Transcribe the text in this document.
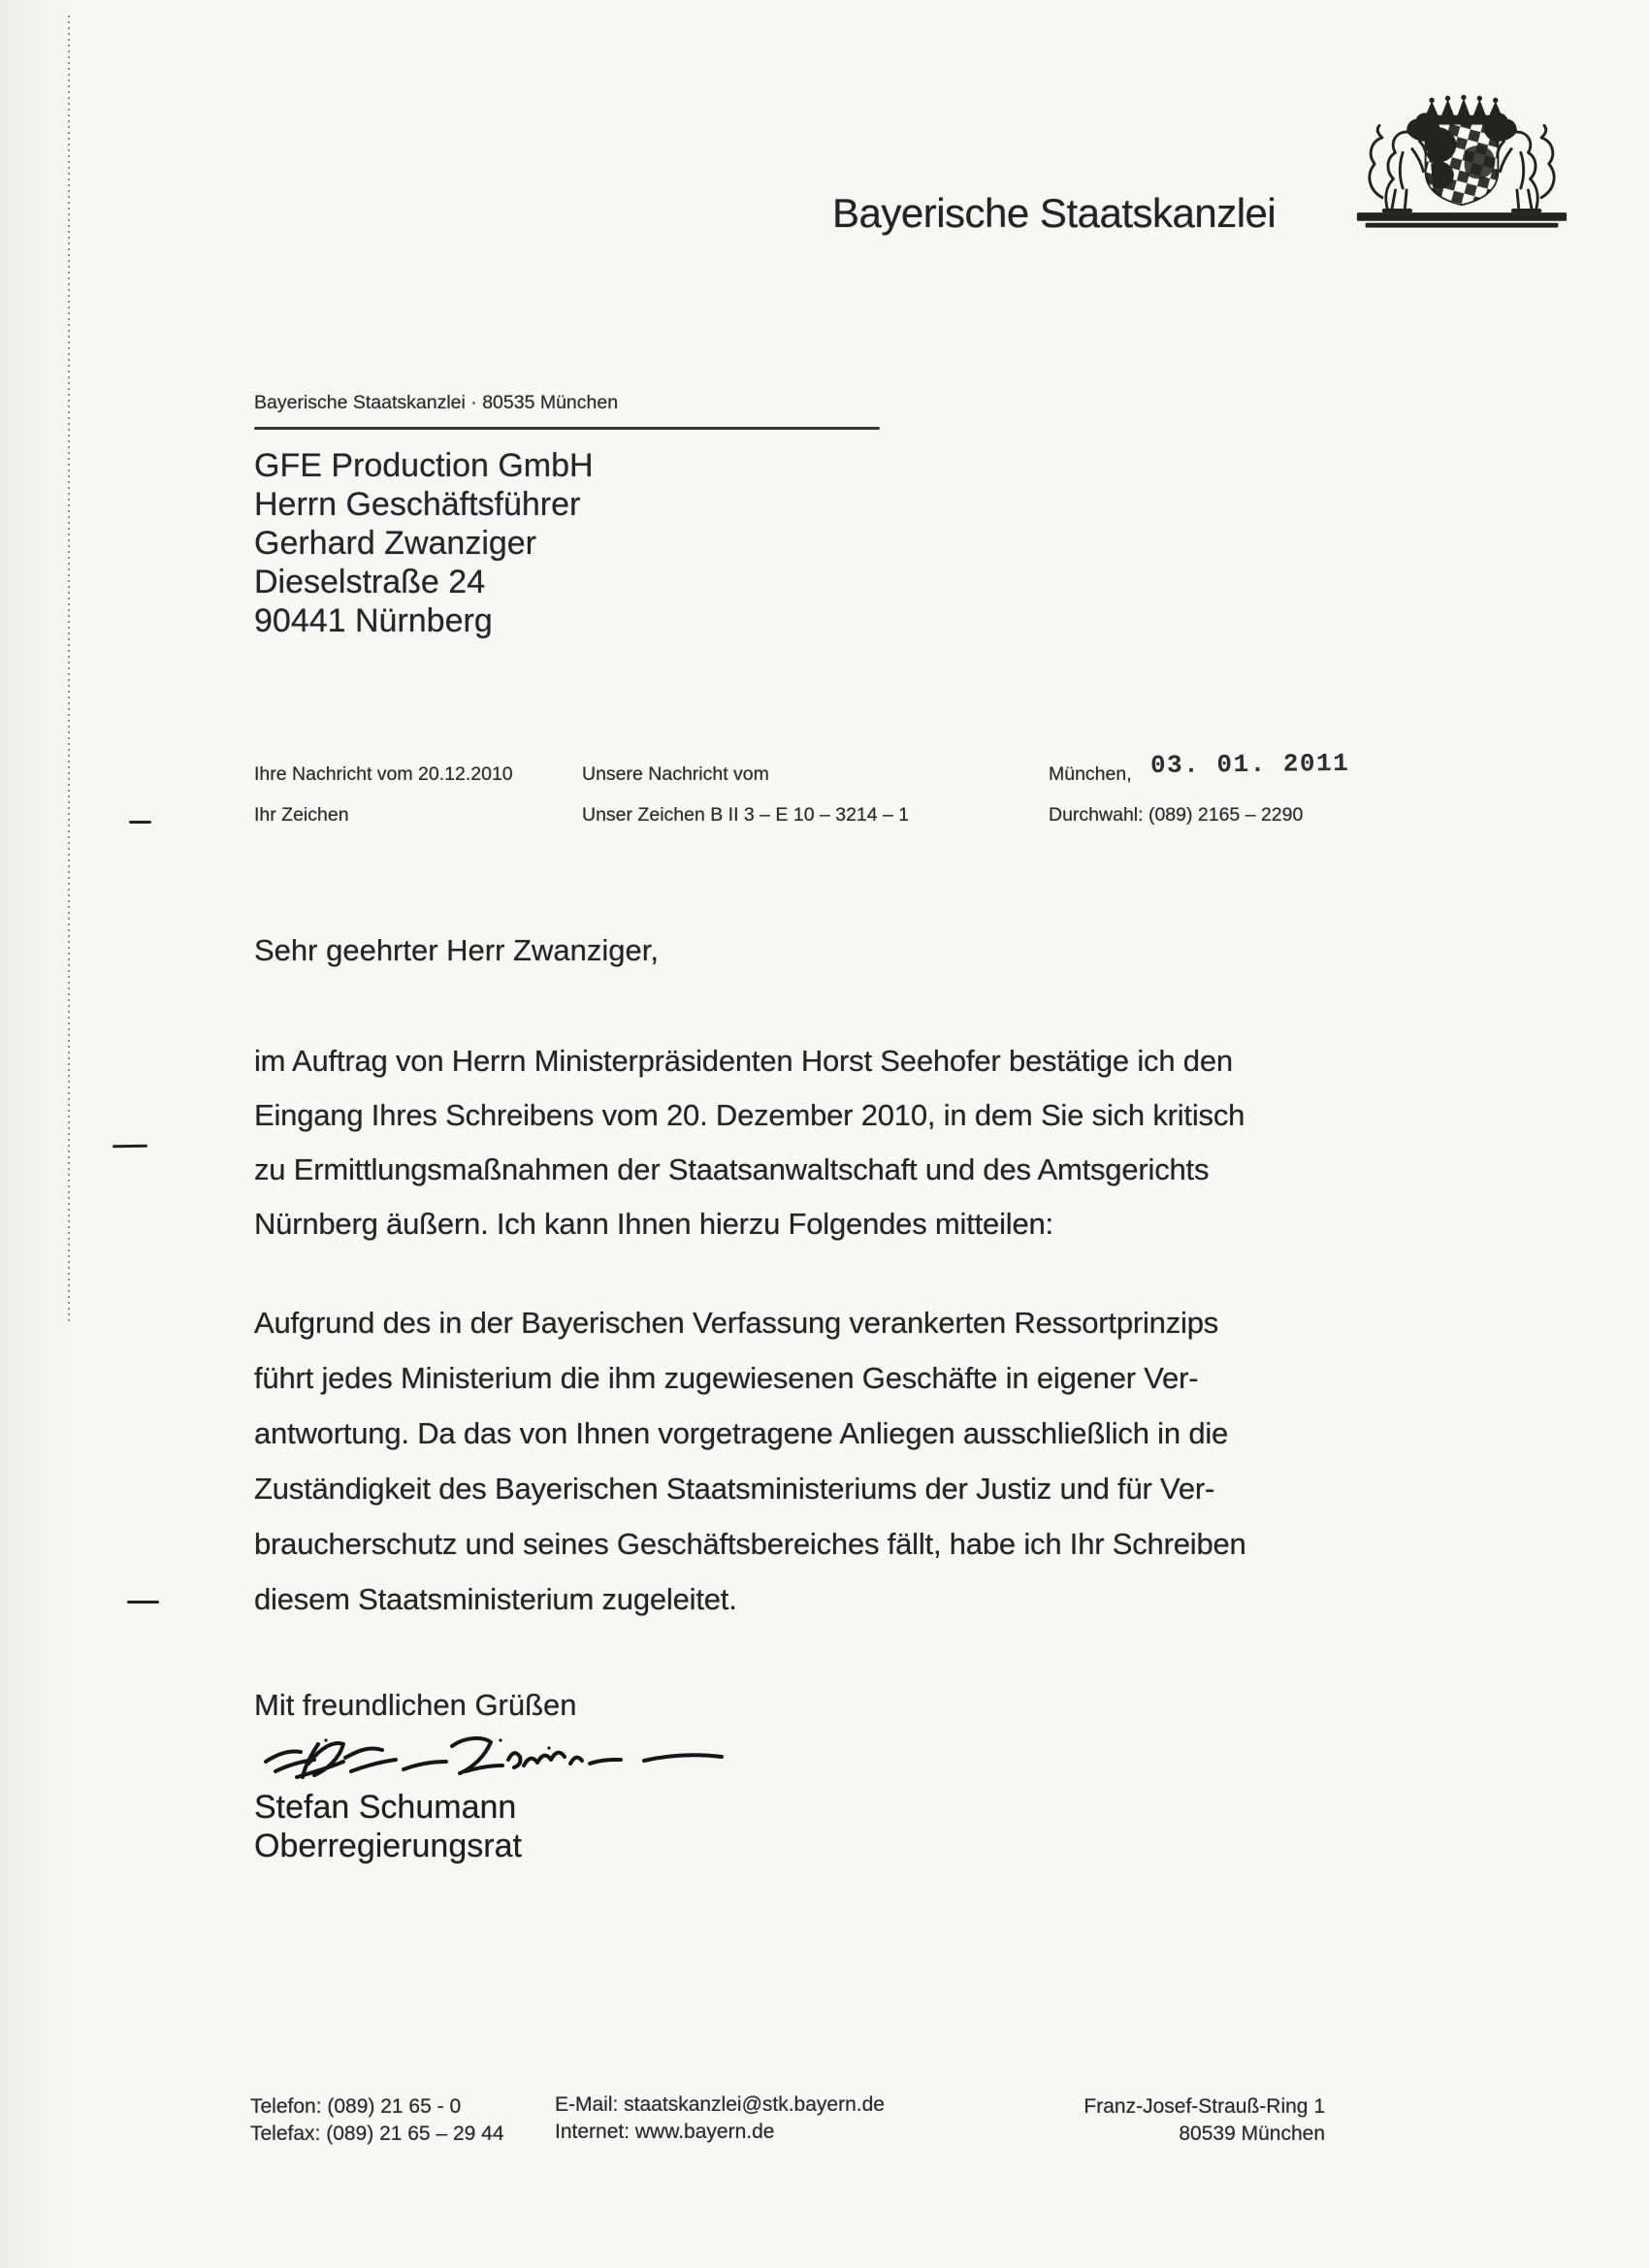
Bayerische Staatskanzlei
Bayerische Staatskanzlei · 80535 München
GFE Production GmbH
Herrn Geschäftsführer
Gerhard Zwanziger
Dieselstraße 24
90441 Nürnberg
Ihre Nachricht vom 20.12.2010
Ihr Zeichen
Unsere Nachricht vom
Unser Zeichen B II 3 – E 10 – 3214 – 1
München, 03. 01. 2011
Durchwahl: (089) 2165 – 2290
Sehr geehrter Herr Zwanziger,
im Auftrag von Herrn Ministerpräsidenten Horst Seehofer bestätige ich den
Eingang Ihres Schreibens vom 20. Dezember 2010, in dem Sie sich kritisch
zu Ermittlungsmaßnahmen der Staatsanwaltschaft und des Amtsgerichts
Nürnberg äußern. Ich kann Ihnen hierzu Folgendes mitteilen:
Aufgrund des in der Bayerischen Verfassung verankerten Ressortprinzips
führt jedes Ministerium die ihm zugewiesenen Geschäfte in eigener Ver-
antwortung. Da das von Ihnen vorgetragene Anliegen ausschließlich in die
Zuständigkeit des Bayerischen Staatsministeriums der Justiz und für Ver-
braucherschutz und seines Geschäftsbereiches fällt, habe ich Ihr Schreiben
diesem Staatsministerium zugeleitet.
Mit freundlichen Grüßen
Stefan Schumann
Oberregierungsrat
Telefon: (089) 21 65 - 0
Telefax: (089) 21 65 – 29 44
E-Mail: staatskanzlei@stk.bayern.de
Internet: www.bayern.de
Franz-Josef-Strauß-Ring 1
80539 München
